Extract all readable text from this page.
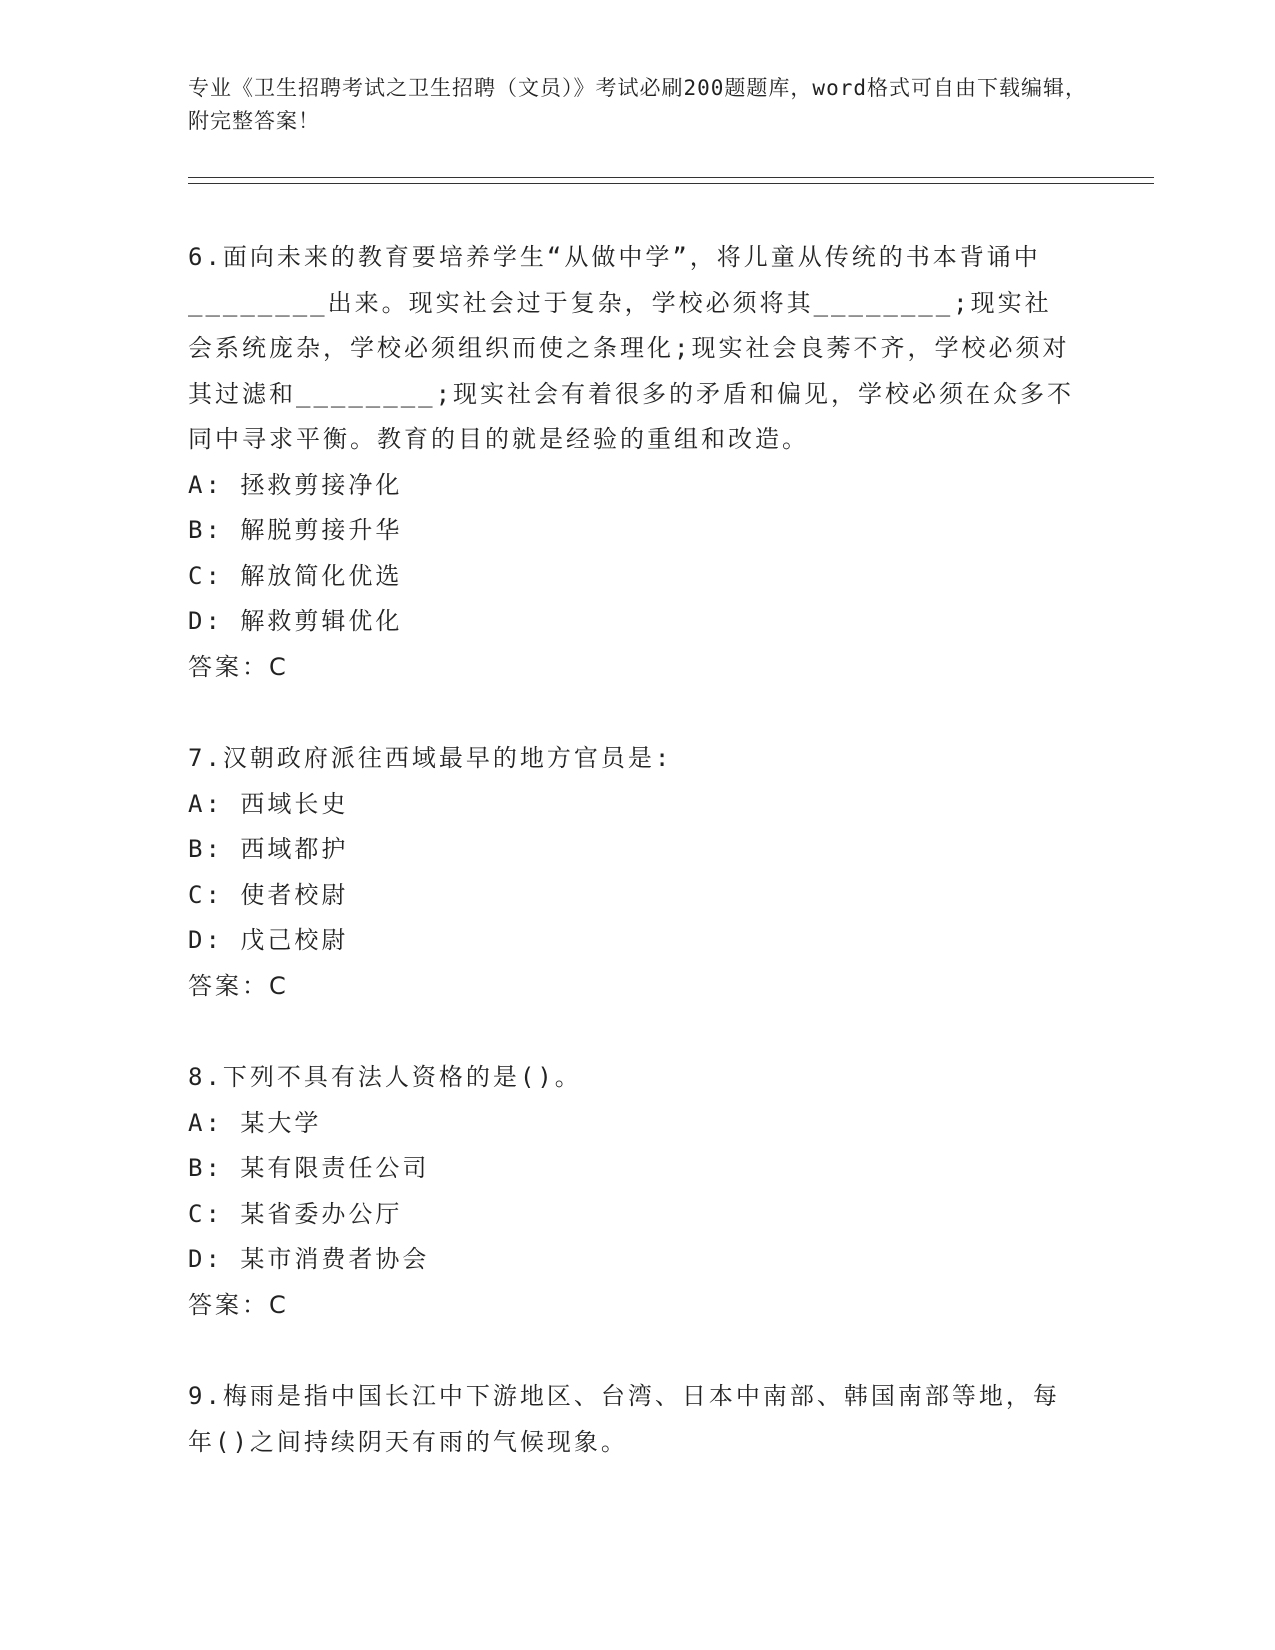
专业《卫生招聘考试之卫生招聘（文员）》考试必刷200题题库，word格式可自由下载编辑，附完整答案！
6.面向未来的教育要培养学生“从做中学”，将儿童从传统的书本背诵中________出来。现实社会过于复杂，学校必须将其________;现实社会系统庞杂，学校必须组织而使之条理化;现实社会良莠不齐，学校必须对其过滤和________;现实社会有着很多的矛盾和偏见，学校必须在众多不同中寻求平衡。教育的目的就是经验的重组和改造。
A: 拯救剪接净化
B: 解脱剪接升华
C: 解放简化优选
D: 解救剪辑优化
答案：C
7.汉朝政府派往西域最早的地方官员是:
A: 西域长史
B: 西域都护
C: 使者校尉
D: 戊己校尉
答案：C
8.下列不具有法人资格的是()。
A: 某大学
B: 某有限责任公司
C: 某省委办公厅
D: 某市消费者协会
答案：C
9.梅雨是指中国长江中下游地区、台湾、日本中南部、韩国南部等地，每年()之间持续阴天有雨的气候现象。
